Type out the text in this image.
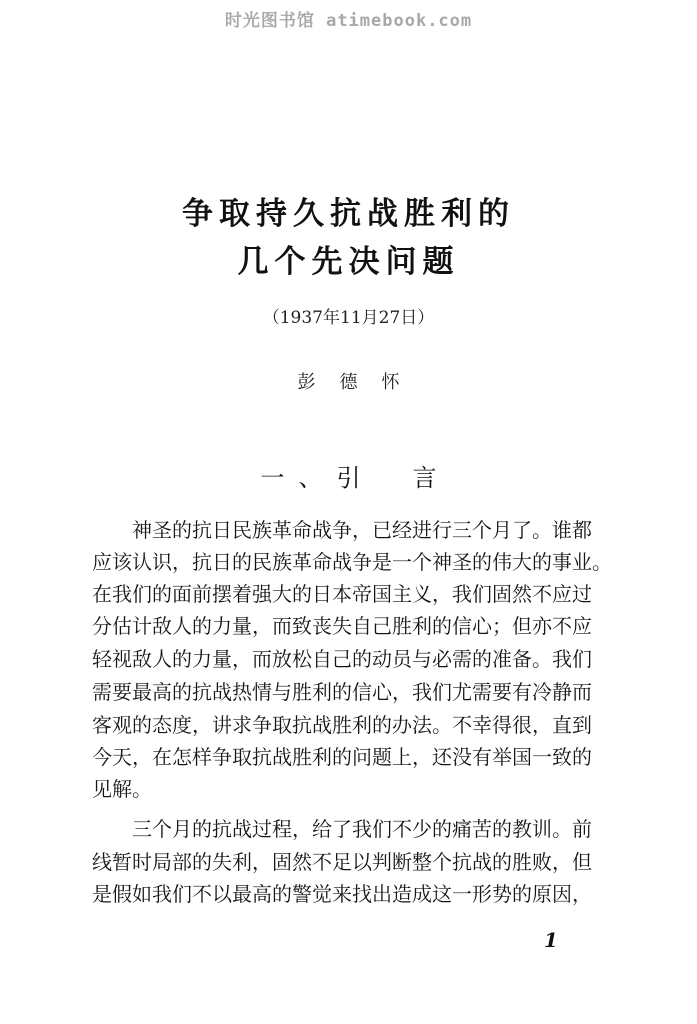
时光图书馆 atimebook.com
争取持久抗战胜利的
几个先决问题
（1937年11月27日）
彭德怀
一、引　言
神圣的抗日民族革命战争，已经进行三个月了。谁都
应该认识，抗日的民族革命战争是一个神圣的伟大的事业。
在我们的面前摆着强大的日本帝国主义，我们固然不应过
分估计敌人的力量，而致丧失自己胜利的信心；但亦不应
轻视敌人的力量，而放松自己的动员与必需的准备。我们
需要最高的抗战热情与胜利的信心，我们尤需要有冷静而
客观的态度，讲求争取抗战胜利的办法。不幸得很，直到
今天，在怎样争取抗战胜利的问题上，还没有举国一致的
见解。
三个月的抗战过程，给了我们不少的痛苦的教训。前
线暂时局部的失利，固然不足以判断整个抗战的胜败，但
是假如我们不以最高的警觉来找出造成这一形势的原因，
1
